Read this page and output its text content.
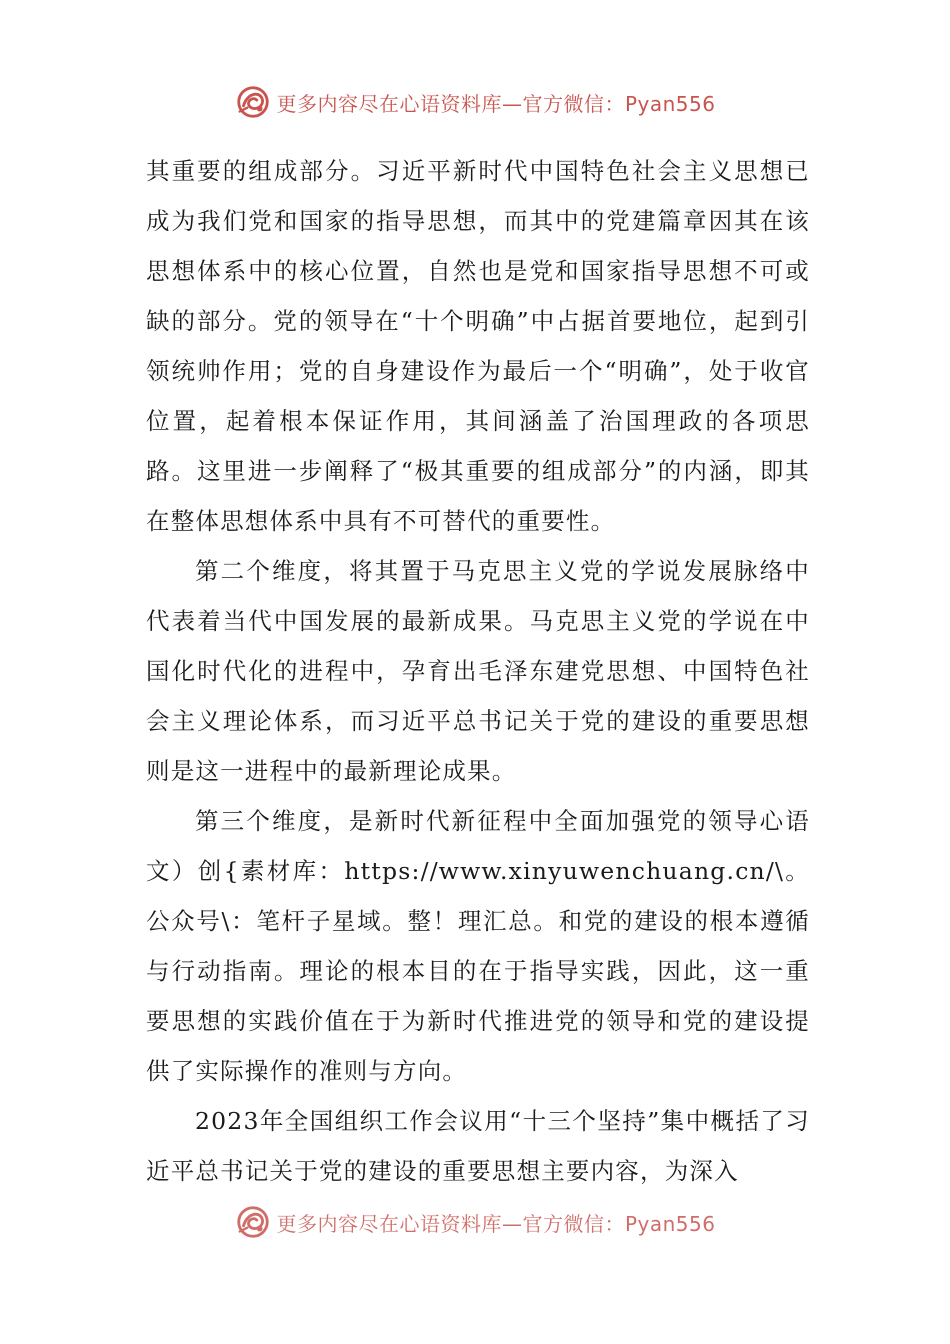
更多内容尽在心语资料库—官方微信：Pyan556

其重要的组成部分。习近平新时代中国特色社会主义思想已成为我们党和国家的指导思想，而其中的党建篇章因其在该思想体系中的核心位置，自然也是党和国家指导思想不可或缺的部分。党的领导在“十个明确”中占据首要地位，起到引领统帅作用；党的自身建设作为最后一个“明确”，处于收官位置，起着根本保证作用，其间涵盖了治国理政的各项思路。这里进一步阐释了“极其重要的组成部分”的内涵，即其在整体思想体系中具有不可替代的重要性。

第二个维度，将其置于马克思主义党的学说发展脉络中代表着当代中国发展的最新成果。马克思主义党的学说在中国化时代化的进程中，孕育出毛泽东建党思想、中国特色社会主义理论体系，而习近平总书记关于党的建设的重要思想则是这一进程中的最新理论成果。

第三个维度，是新时代新征程中全面加强党的领导心语文）创{素材库：https://www.xinyuwenchuang.cn/\。公众号\：笔杆子星域。整！理汇总。和党的建设的根本遵循与行动指南。理论的根本目的在于指导实践，因此，这一重要思想的实践价值在于为新时代推进党的领导和党的建设提供了实际操作的准则与方向。

2023年全国组织工作会议用“十三个坚持”集中概括了习近平总书记关于党的建设的重要思想主要内容，为深入

更多内容尽在心语资料库—官方微信：Pyan556
